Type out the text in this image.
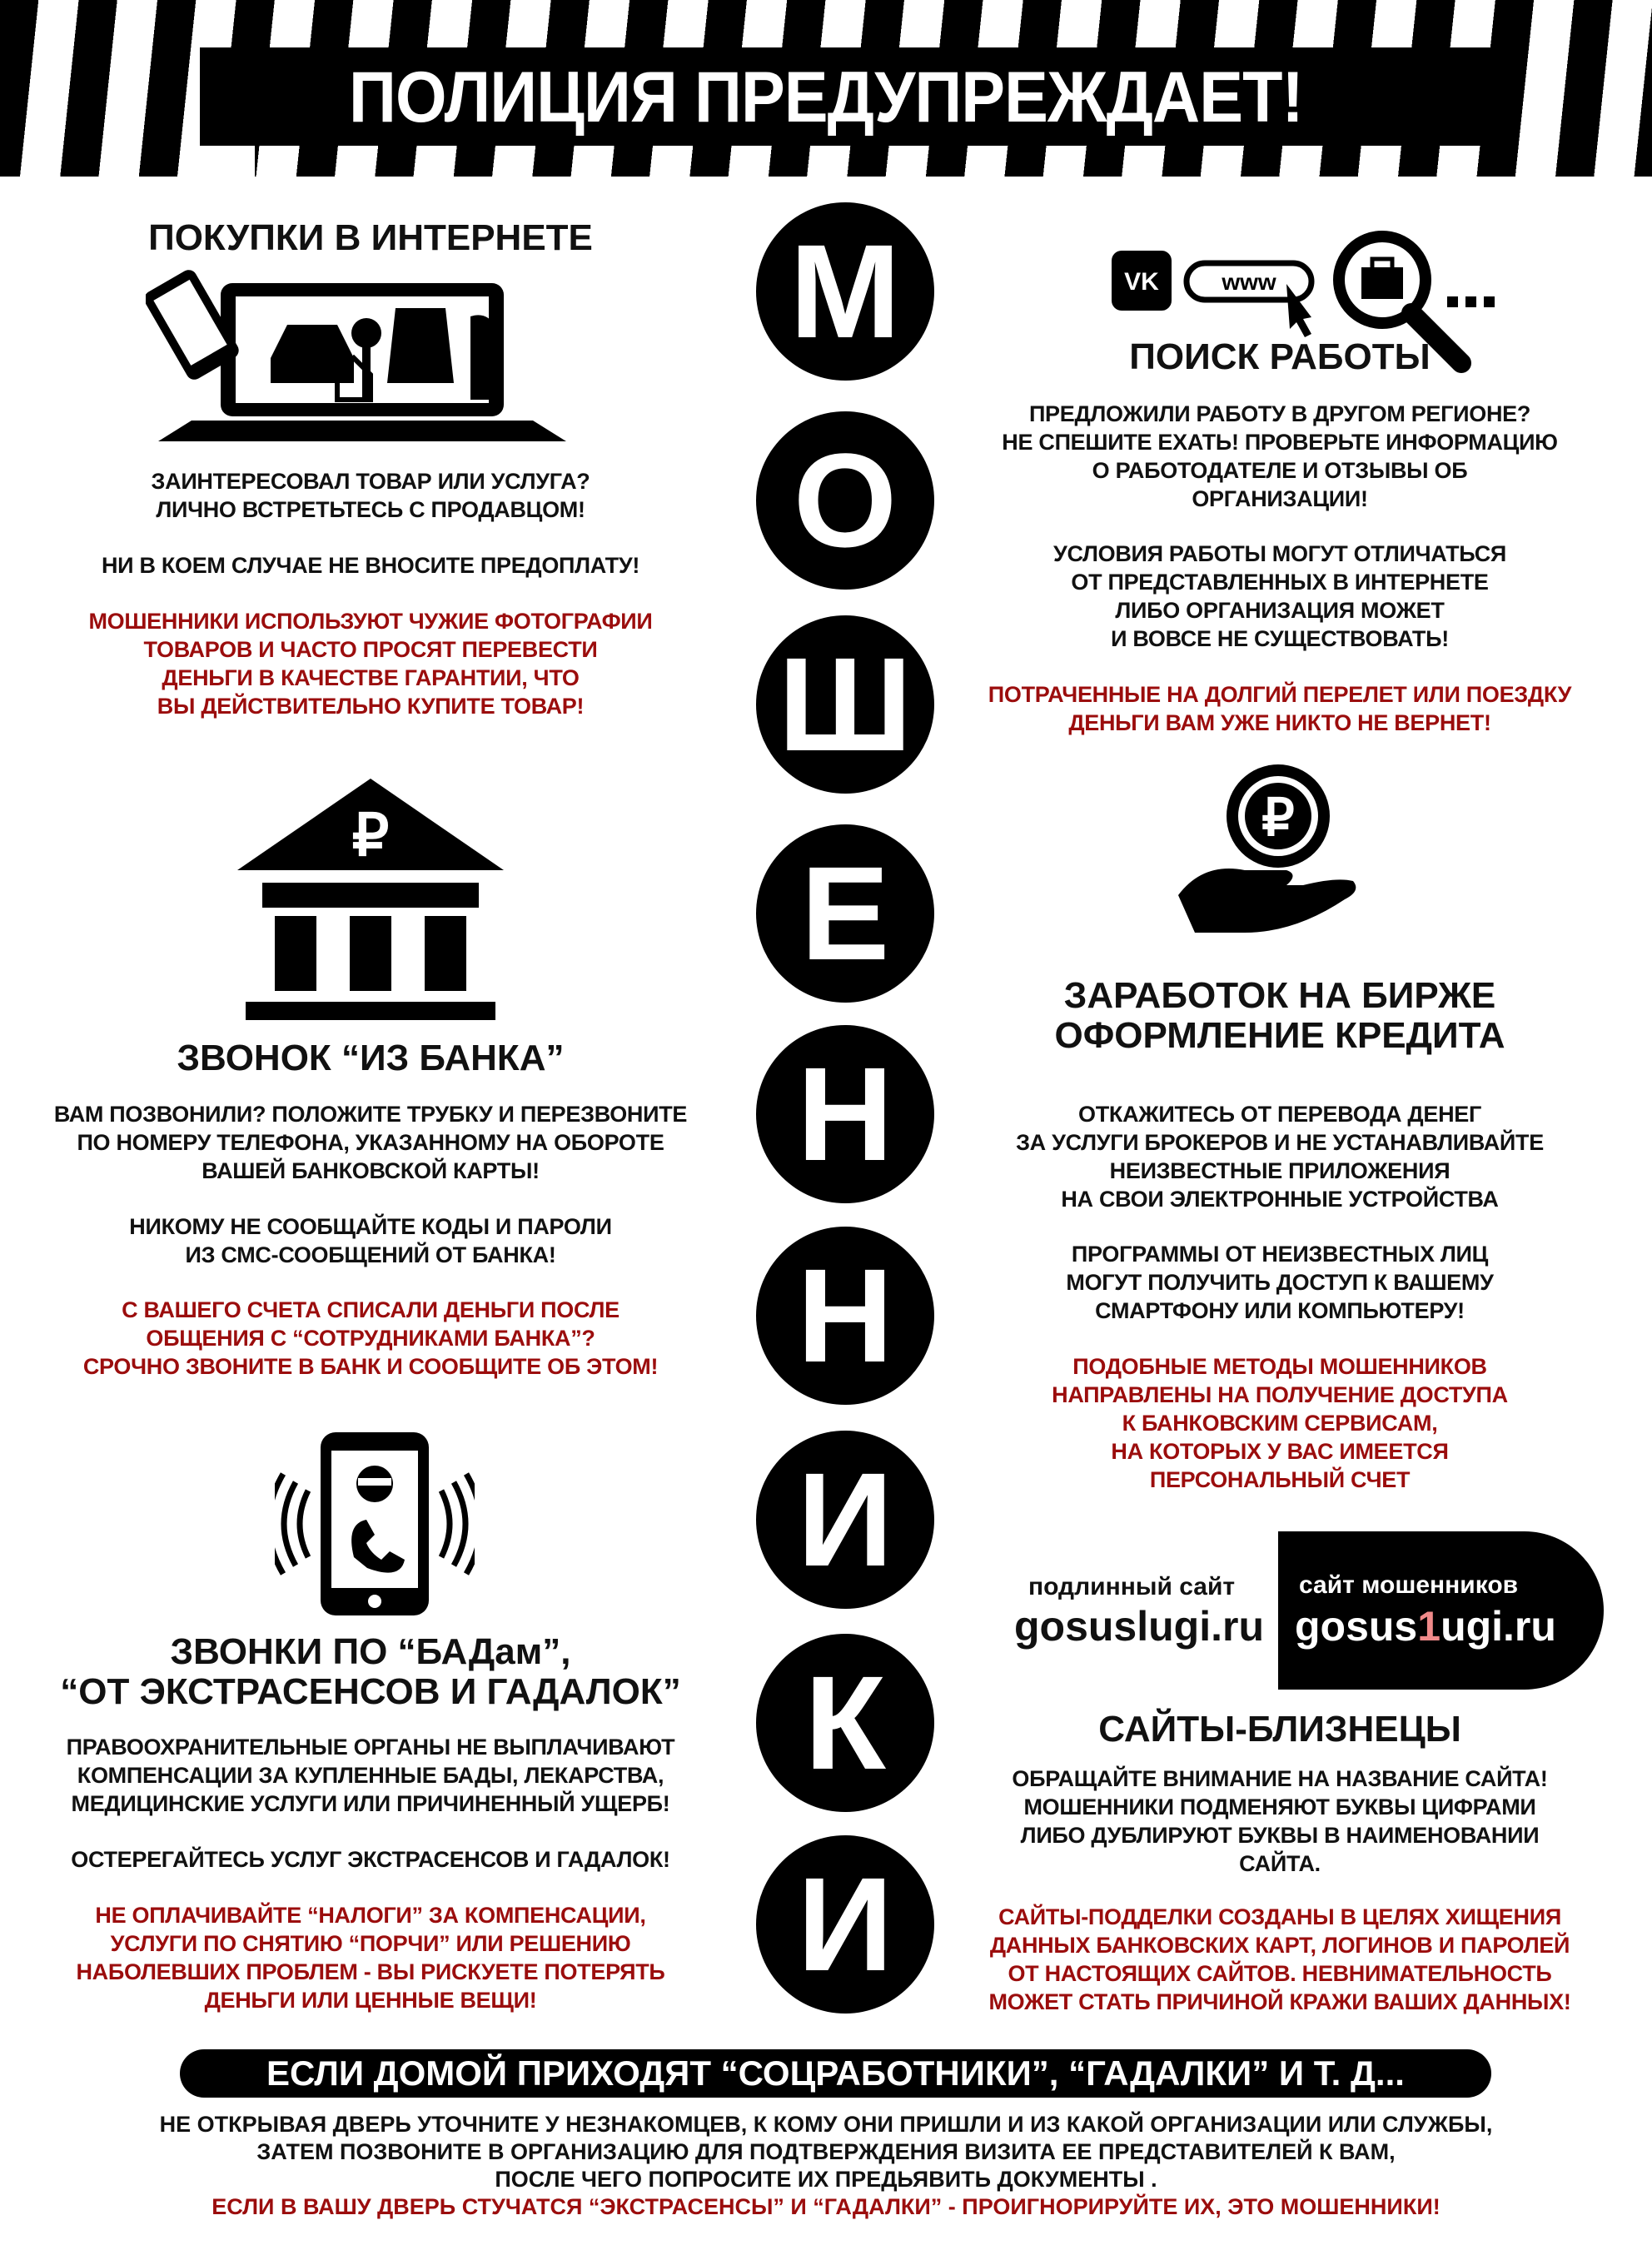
ПОЛИЦИЯ ПРЕДУПРЕЖДАЕТ!
М
О
Ш
Е
Н
Н
И
К
И
ПОКУПКИ В ИНТЕРНЕТЕ
ЗАИНТЕРЕСОВАЛ ТОВАР ИЛИ УСЛУГА?
ЛИЧНО ВСТРЕТЬТЕСЬ С ПРОДАВЦОМ!
НИ В КОЕМ СЛУЧАЕ НЕ ВНОСИТЕ ПРЕДОПЛАТУ!
МОШЕННИКИ ИСПОЛЬЗУЮТ ЧУЖИЕ ФОТОГРАФИИ
ТОВАРОВ И ЧАСТО ПРОСЯТ ПЕРЕВЕСТИ
ДЕНЬГИ В КАЧЕСТВЕ ГАРАНТИИ, ЧТО
ВЫ ДЕЙСТВИТЕЛЬНО КУПИТЕ ТОВАР!
₽
ЗВОНОК “ИЗ БАНКА”
ВАМ ПОЗВОНИЛИ? ПОЛОЖИТЕ ТРУБКУ И ПЕРЕЗВОНИТЕ
ПО НОМЕРУ ТЕЛЕФОНА, УКАЗАННОМУ НА ОБОРОТЕ
ВАШЕЙ БАНКОВСКОЙ КАРТЫ!
НИКОМУ НЕ СООБЩАЙТЕ КОДЫ И ПАРОЛИ
ИЗ СМС-СООБЩЕНИЙ ОТ БАНКА!
С ВАШЕГО СЧЕТА СПИСАЛИ ДЕНЬГИ ПОСЛЕ
ОБЩЕНИЯ С “СОТРУДНИКАМИ БАНКА”?
СРОЧНО ЗВОНИТЕ В БАНК И СООБЩИТЕ ОБ ЭТОМ!
ЗВОНКИ ПО “БАДам”,
“ОТ ЭКСТРАСЕНСОВ И ГАДАЛОК”
ПРАВООХРАНИТЕЛЬНЫЕ ОРГАНЫ НЕ ВЫПЛАЧИВАЮТ
КОМПЕНСАЦИИ ЗА КУПЛЕННЫЕ БАДЫ, ЛЕКАРСТВА,
МЕДИЦИНСКИЕ УСЛУГИ ИЛИ ПРИЧИНЕННЫЙ УЩЕРБ!
ОСТЕРЕГАЙТЕСЬ УСЛУГ ЭКСТРАСЕНСОВ И ГАДАЛОК!
НЕ ОПЛАЧИВАЙТЕ “НАЛОГИ” ЗА КОМПЕНСАЦИИ,
УСЛУГИ ПО СНЯТИЮ “ПОРЧИ” ИЛИ РЕШЕНИЮ
НАБОЛЕВШИХ ПРОБЛЕМ - ВЫ РИСКУЕТЕ ПОТЕРЯТЬ
ДЕНЬГИ ИЛИ ЦЕННЫЕ ВЕЩИ!
VK	www
ПОИСК РАБОТЫ
ПРЕДЛОЖИЛИ РАБОТУ В ДРУГОМ РЕГИОНЕ?
НЕ СПЕШИТЕ ЕХАТЬ! ПРОВЕРЬТЕ ИНФОРМАЦИЮ
О РАБОТОДАТЕЛЕ И ОТЗЫВЫ ОБ
ОРГАНИЗАЦИИ!
УСЛОВИЯ РАБОТЫ МОГУТ ОТЛИЧАТЬСЯ
ОТ ПРЕДСТАВЛЕННЫХ В ИНТЕРНЕТЕ
ЛИБО ОРГАНИЗАЦИЯ МОЖЕТ
И ВОВСЕ НЕ СУЩЕСТВОВАТЬ!
ПОТРАЧЕННЫЕ НА ДОЛГИЙ ПЕРЕЛЕТ ИЛИ ПОЕЗДКУ
ДЕНЬГИ ВАМ УЖЕ НИКТО НЕ ВЕРНЕТ!
₽
ЗАРАБОТОК НА БИРЖЕ
ОФОРМЛЕНИЕ КРЕДИТА
ОТКАЖИТЕСЬ ОТ ПЕРЕВОДА ДЕНЕГ
ЗА УСЛУГИ БРОКЕРОВ И НЕ УСТАНАВЛИВАЙТЕ
НЕИЗВЕСТНЫЕ ПРИЛОЖЕНИЯ
НА СВОИ ЭЛЕКТРОННЫЕ УСТРОЙСТВА
ПРОГРАММЫ ОТ НЕИЗВЕСТНЫХ ЛИЦ
МОГУТ ПОЛУЧИТЬ ДОСТУП К ВАШЕМУ
СМАРТФОНУ ИЛИ КОМПЬЮТЕРУ!
ПОДОБНЫЕ МЕТОДЫ МОШЕННИКОВ
НАПРАВЛЕНЫ НА ПОЛУЧЕНИЕ ДОСТУПА
К БАНКОВСКИМ СЕРВИСАМ,
НА КОТОРЫХ У ВАС ИМЕЕТСЯ
ПЕРСОНАЛЬНЫЙ СЧЕТ
подлинный сайт
gosuslugi.ru
сайт мошенников
gosus1ugi.ru
САЙТЫ-БЛИЗНЕЦЫ
ОБРАЩАЙТЕ ВНИМАНИЕ НА НАЗВАНИЕ САЙТА!
МОШЕННИКИ ПОДМЕНЯЮТ БУКВЫ ЦИФРАМИ
ЛИБО ДУБЛИРУЮТ БУКВЫ В НАИМЕНОВАНИИ
САЙТА.
САЙТЫ-ПОДДЕЛКИ СОЗДАНЫ В ЦЕЛЯХ ХИЩЕНИЯ
ДАННЫХ БАНКОВСКИХ КАРТ, ЛОГИНОВ И ПАРОЛЕЙ
ОТ НАСТОЯЩИХ САЙТОВ. НЕВНИМАТЕЛЬНОСТЬ
МОЖЕТ СТАТЬ ПРИЧИНОЙ КРАЖИ ВАШИХ ДАННЫХ!
ЕСЛИ ДОМОЙ ПРИХОДЯТ “СОЦРАБОТНИКИ”, “ГАДАЛКИ” И Т. Д...
НЕ ОТКРЫВАЯ ДВЕРЬ УТОЧНИТЕ У НЕЗНАКОМЦЕВ, К КОМУ ОНИ ПРИШЛИ И ИЗ КАКОЙ ОРГАНИЗАЦИИ ИЛИ СЛУЖБЫ,
ЗАТЕМ ПОЗВОНИТЕ В ОРГАНИЗАЦИЮ ДЛЯ ПОДТВЕРЖДЕНИЯ ВИЗИТА ЕЕ ПРЕДСТАВИТЕЛЕЙ К ВАМ,
ПОСЛЕ ЧЕГО ПОПРОСИТЕ ИХ ПРЕДЬЯВИТЬ ДОКУМЕНТЫ .
ЕСЛИ В ВАШУ ДВЕРЬ СТУЧАТСЯ “ЭКСТРАСЕНСЫ” И “ГАДАЛКИ” - ПРОИГНОРИРУЙТЕ ИХ, ЭТО МОШЕННИКИ!
